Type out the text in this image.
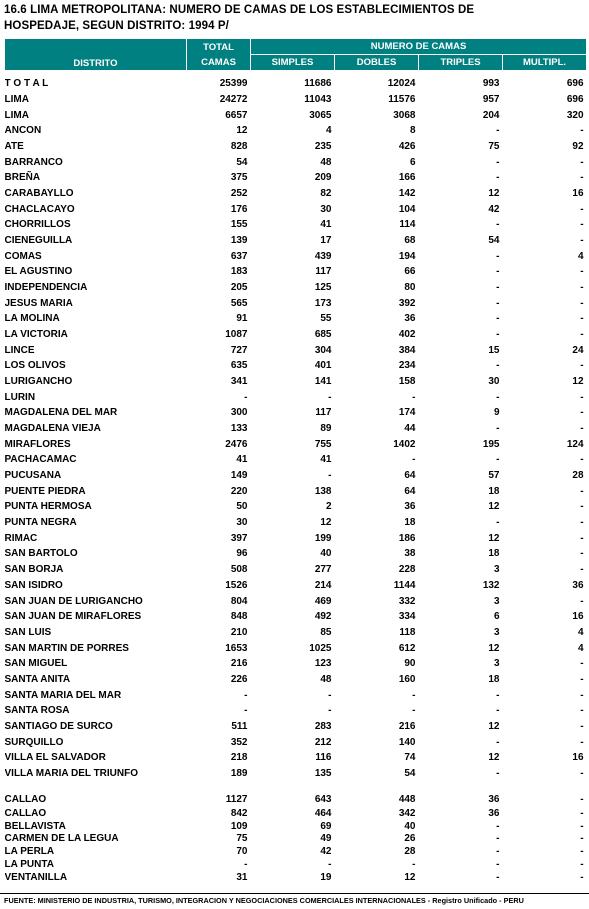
16.6 LIMA METROPOLITANA: NUMERO DE CAMAS DE LOS ESTABLECIMIENTOS DE
HOSPEDAJE, SEGUN DISTRITO: 1994 P/
DISTRITO	TOTAL
CAMAS	NUMERO DE CAMAS			
		SIMPLES	DOBLES	TRIPLES	MULTIPL.
T O T A L	25399	11686	12024	993	696
LIMA	24272	11043	11576	957	696
LIMA	6657	3065	3068	204	320
ANCON	12	4	8	-	-
ATE	828	235	426	75	92
BARRANCO	54	48	6	-	-
BREÑA	375	209	166	-	-
CARABAYLLO	252	82	142	12	16
CHACLACAYO	176	30	104	42	-
CHORRILLOS	155	41	114	-	-
CIENEGUILLA	139	17	68	54	-
COMAS	637	439	194	-	4
EL AGUSTINO	183	117	66	-	-
INDEPENDENCIA	205	125	80	-	-
JESUS MARIA	565	173	392	-	-
LA MOLINA	91	55	36	-	-
LA VICTORIA	1087	685	402	-	-
LINCE	727	304	384	15	24
LOS OLIVOS	635	401	234	-	-
LURIGANCHO	341	141	158	30	12
LURIN	-	-	-	-	-
MAGDALENA DEL MAR	300	117	174	9	-
MAGDALENA VIEJA	133	89	44	-	-
MIRAFLORES	2476	755	1402	195	124
PACHACAMAC	41	41	-	-	-
PUCUSANA	149	-	64	57	28
PUENTE PIEDRA	220	138	64	18	-
PUNTA HERMOSA	50	2	36	12	-
PUNTA NEGRA	30	12	18	-	-
RIMAC	397	199	186	12	-
SAN BARTOLO	96	40	38	18	-
SAN BORJA	508	277	228	3	-
SAN ISIDRO	1526	214	1144	132	36
SAN JUAN DE LURIGANCHO	804	469	332	3	-
SAN JUAN DE MIRAFLORES	848	492	334	6	16
SAN LUIS	210	85	118	3	4
SAN MARTIN DE PORRES	1653	1025	612	12	4
SAN MIGUEL	216	123	90	3	-
SANTA ANITA	226	48	160	18	-
SANTA MARIA DEL MAR	-	-	-	-	-
SANTA ROSA	-	-	-	-	-
SANTIAGO DE SURCO	511	283	216	12	-
SURQUILLO	352	212	140	-	-
VILLA EL SALVADOR	218	116	74	12	16
VILLA MARIA DEL TRIUNFO	189	135	54	-	-

CALLAO	1127	643	448	36	-
CALLAO	842	464	342	36	-
BELLAVISTA	109	69	40	-	-
CARMEN DE LA LEGUA	75	49	26	-	-
LA PERLA	70	42	28	-	-
LA PUNTA	-	-	-	-	-
VENTANILLA	31	19	12	-	-
FUENTE: MINISTERIO DE INDUSTRIA, TURISMO, INTEGRACION Y NEGOCIACIONES COMERCIALES INTERNACIONALES - Registro Unificado - PERU
